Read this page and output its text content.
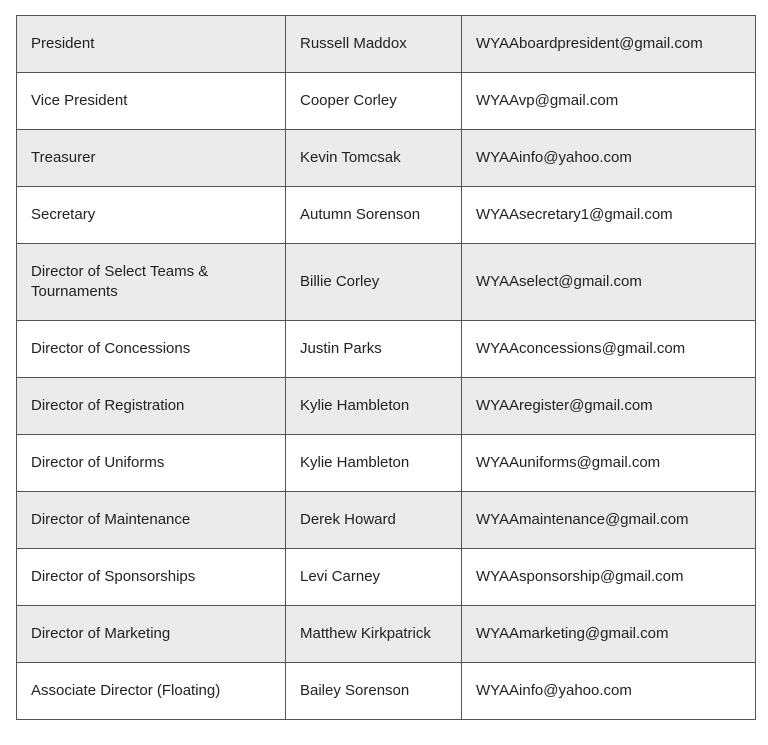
President	Russell Maddox	WYAAboardpresident@gmail.com
Vice President	Cooper Corley	WYAAvp@gmail.com
Treasurer	Kevin Tomcsak	WYAAinfo@yahoo.com
Secretary	Autumn Sorenson	WYAAsecretary1@gmail.com
Director of Select Teams & Tournaments	Billie Corley	WYAAselect@gmail.com
Director of Concessions	Justin Parks	WYAAconcessions@gmail.com
Director of Registration	Kylie Hambleton	WYAAregister@gmail.com
Director of Uniforms	Kylie Hambleton	WYAAuniforms@gmail.com
Director of Maintenance	Derek Howard	WYAAmaintenance@gmail.com
Director of Sponsorships	Levi Carney	WYAAsponsorship@gmail.com
Director of Marketing	Matthew Kirkpatrick	WYAAmarketing@gmail.com
Associate Director (Floating)	Bailey Sorenson	WYAAinfo@yahoo.com
